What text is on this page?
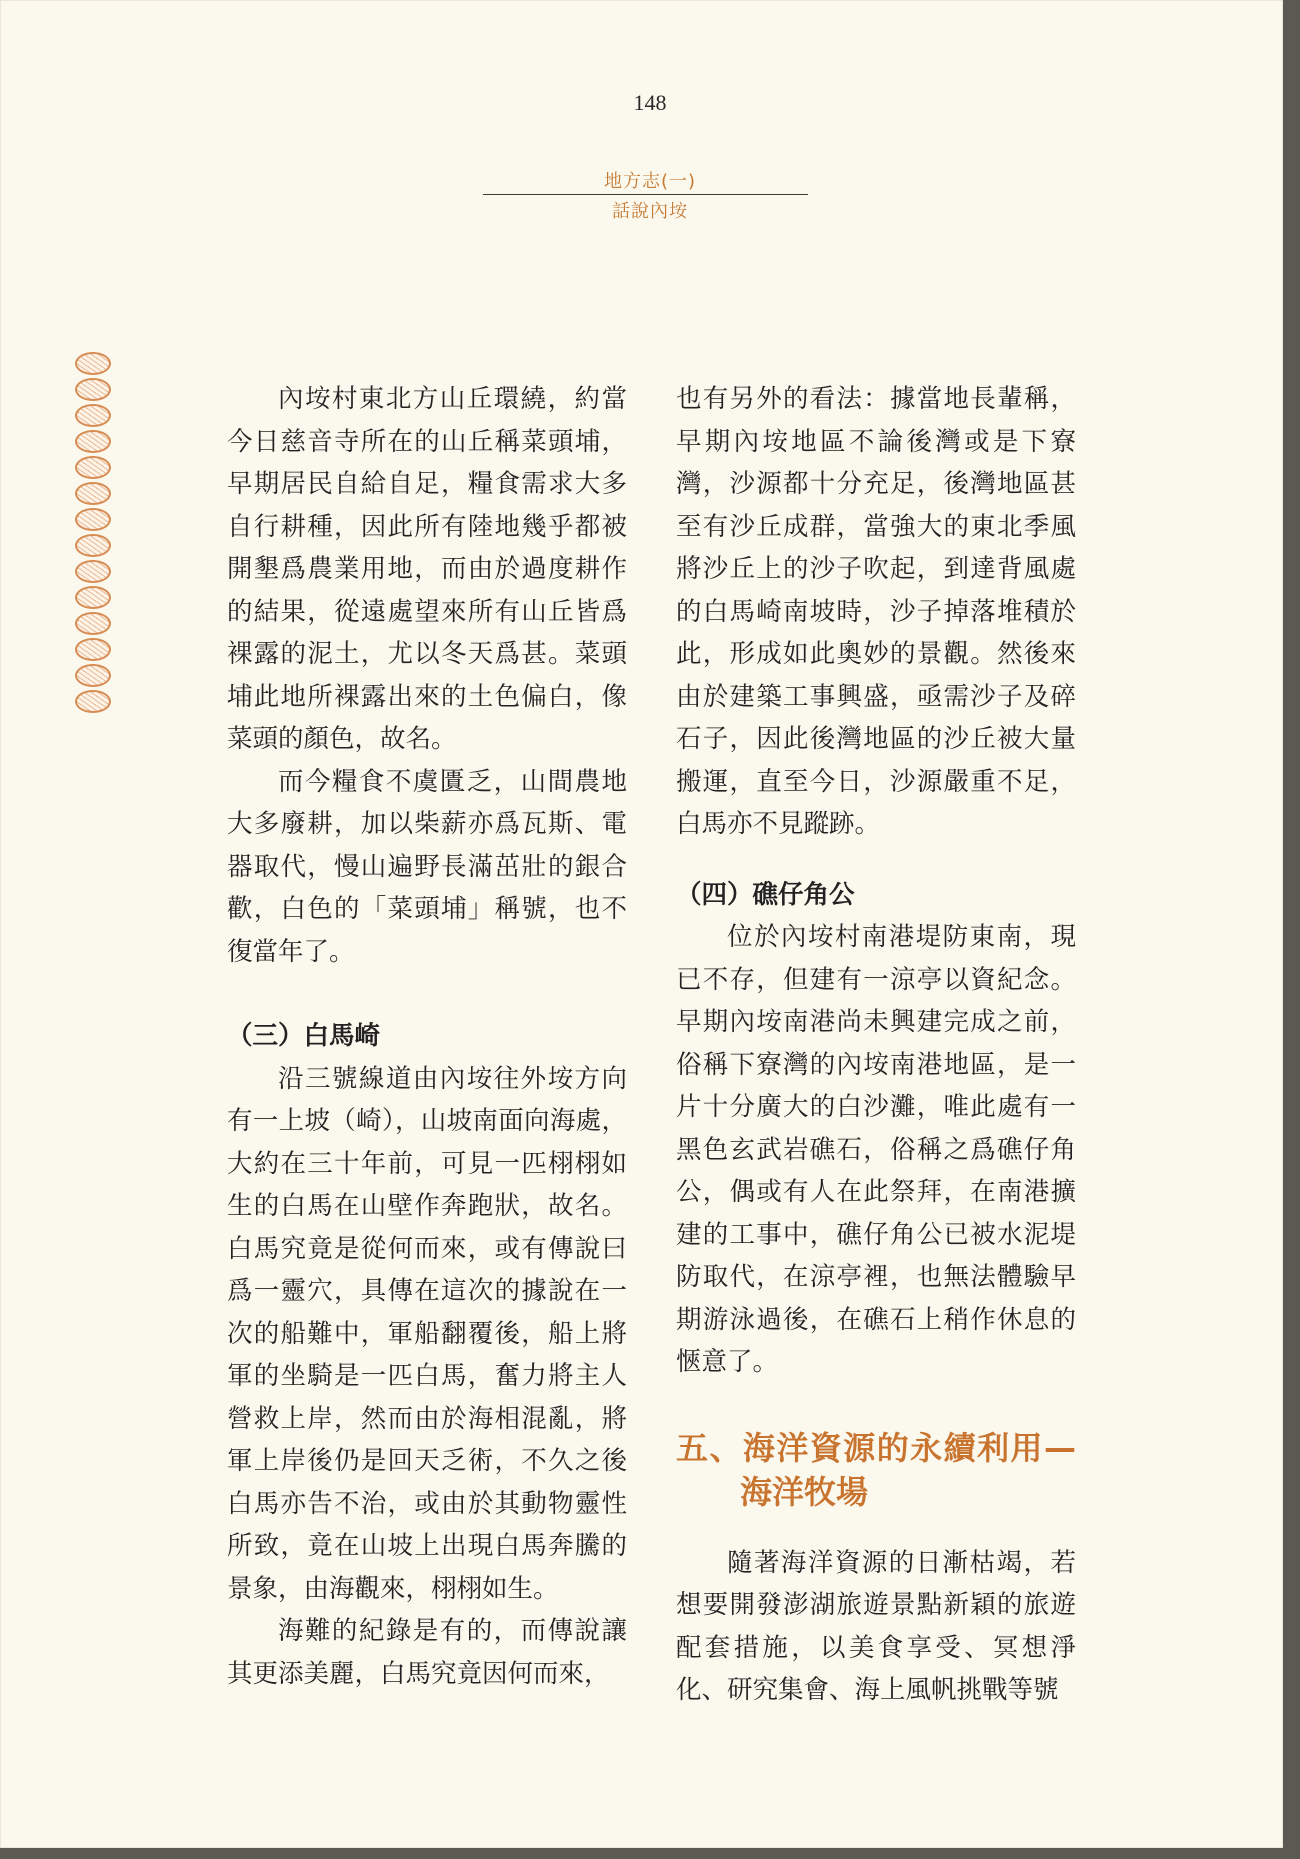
148
地方志(一)
話說內垵

內垵村東北方山丘環繞，約當今日慈音寺所在的山丘稱菜頭埔，早期居民自給自足，糧食需求大多自行耕種，因此所有陸地幾乎都被開墾爲農業用地，而由於過度耕作的結果，從遠處望來所有山丘皆爲裸露的泥土，尤以冬天爲甚。菜頭埔此地所裸露出來的土色偏白，像菜頭的顏色，故名。

而今糧食不虞匱乏，山間農地大多廢耕，加以柴薪亦爲瓦斯、電器取代，慢山遍野長滿茁壯的銀合歡，白色的「菜頭埔」稱號，也不復當年了。

（三）白馬崎

沿三號線道由內垵往外垵方向有一上坡（崎），山坡南面向海處，大約在三十年前，可見一匹栩栩如生的白馬在山壁作奔跑狀，故名。白馬究竟是從何而來，或有傳說曰爲一靈穴，具傳在這次的據說在一次的船難中，軍船翻覆後，船上將軍的坐騎是一匹白馬，奮力將主人營救上岸，然而由於海相混亂，將軍上岸後仍是回天乏術，不久之後白馬亦告不治，或由於其動物靈性所致，竟在山坡上出現白馬奔騰的景象，由海觀來，栩栩如生。

海難的紀錄是有的，而傳說讓其更添美麗，白馬究竟因何而來，

也有另外的看法：據當地長輩稱，早期內垵地區不論後灣或是下寮灣，沙源都十分充足，後灣地區甚至有沙丘成群，當強大的東北季風將沙丘上的沙子吹起，到達背風處的白馬崎南坡時，沙子掉落堆積於此，形成如此奧妙的景觀。然後來由於建築工事興盛，亟需沙子及碎石子，因此後灣地區的沙丘被大量搬運，直至今日，沙源嚴重不足，白馬亦不見蹤跡。

（四）礁仔角公

位於內垵村南港堤防東南，現已不存，但建有一涼亭以資紀念。早期內垵南港尚未興建完成之前，俗稱下寮灣的內垵南港地區，是一片十分廣大的白沙灘，唯此處有一黑色玄武岩礁石，俗稱之爲礁仔角公，偶或有人在此祭拜，在南港擴建的工事中，礁仔角公已被水泥堤防取代，在涼亭裡，也無法體驗早期游泳過後，在礁石上稍作休息的愜意了。

五、海洋資源的永續利用—海洋牧場

隨著海洋資源的日漸枯竭，若想要開發澎湖旅遊景點新穎的旅遊配套措施，以美食享受、冥想淨化、研究集會、海上風帆挑戰等號
